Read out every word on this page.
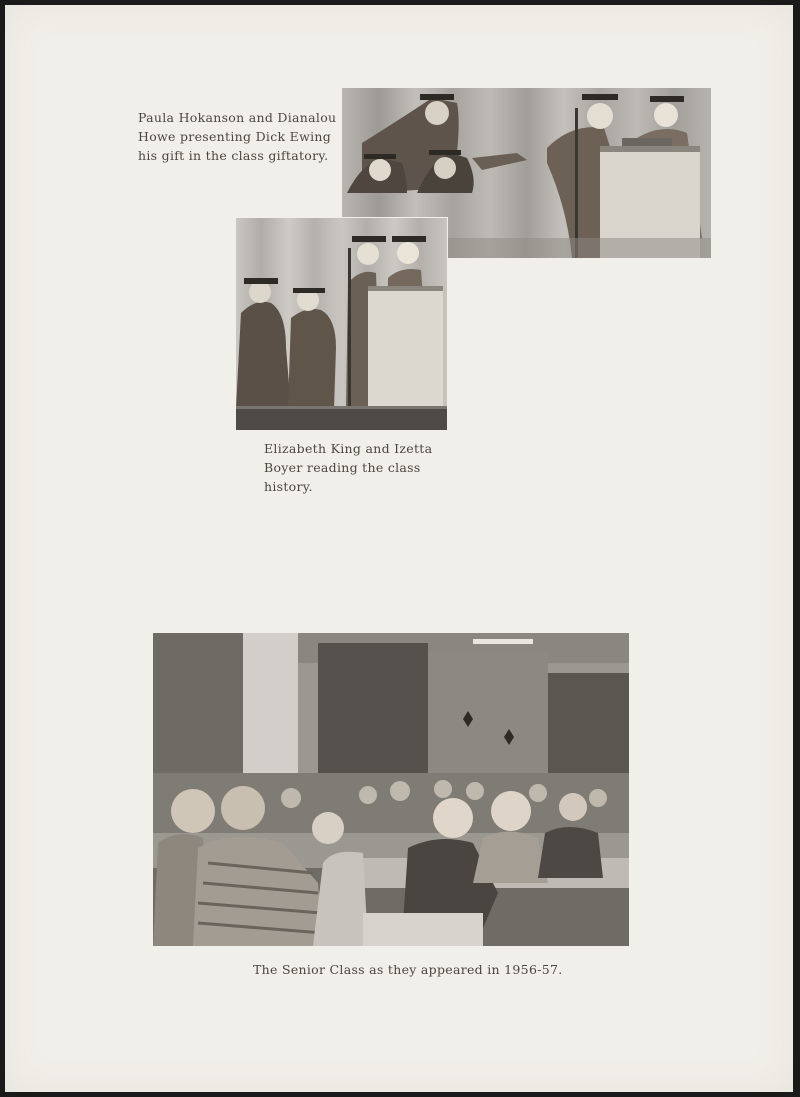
Paula Hokanson and Dianalou
Howe presenting Dick Ewing
his gift in the class giftatory.
Elizabeth King and Izetta
Boyer reading the class
history.
The Senior Class as they appeared in 1956-57.
